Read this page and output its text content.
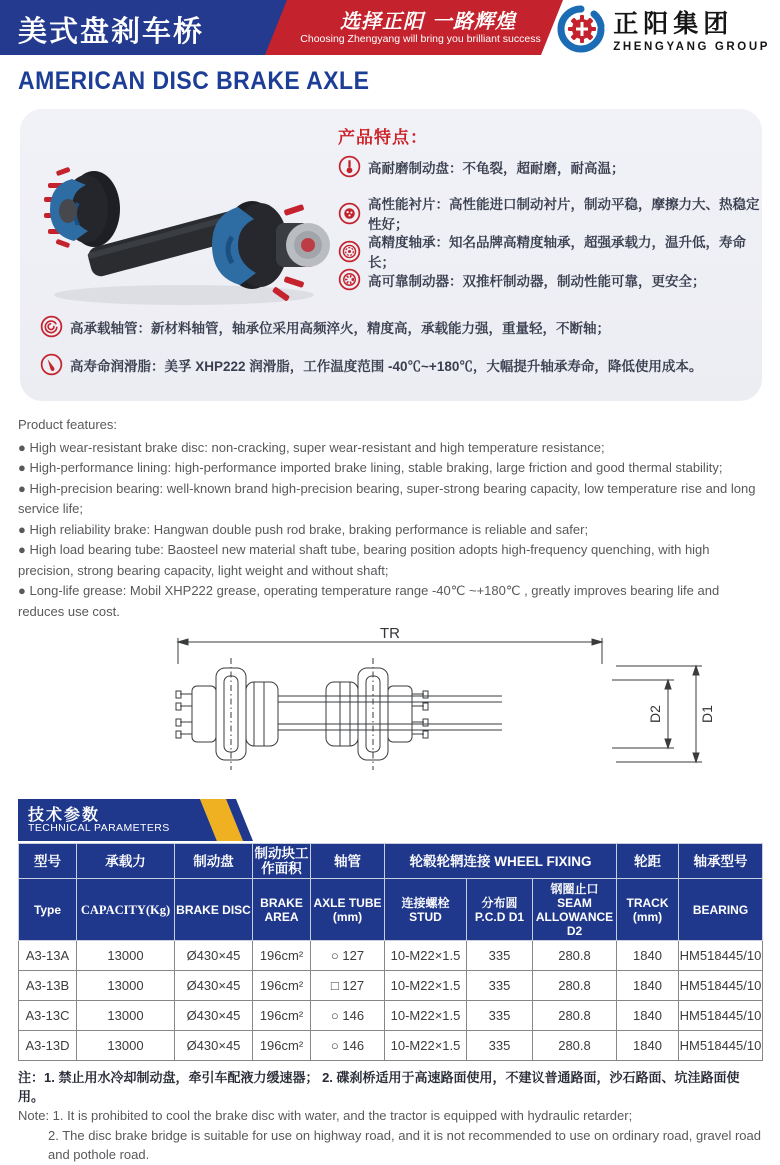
美式盘刹车桥	选择正阳 一路辉煌
Choosing Zhengyang will bring you brilliant success
正阳集团
ZHENGYANG GROUP
AMERICAN DISC BRAKE AXLE
产品特点：
高耐磨制动盘：不龟裂，超耐磨，耐高温；
高性能衬片：高性能进口制动衬片，制动平稳，摩擦力大、热稳定性好；
高精度轴承：知名品牌高精度轴承，超强承载力，温升低，寿命长；
高可靠制动器：双推杆制动器，制动性能可靠，更安全；
高承载轴管：新材料轴管，轴承位采用高频淬火，精度高，承载能力强，重量轻，不断轴；
高寿命润滑脂：美孚 XHP222 润滑脂，工作温度范围 -40℃~+180℃，大幅提升轴承寿命，降低使用成本。
Product features:
● High wear-resistant brake disc: non-cracking, super wear-resistant and high temperature resistance;
● High-performance lining: high-performance imported brake lining, stable braking, large friction and good thermal stability;
● High-precision bearing: well-known brand high-precision bearing, super-strong bearing capacity, low temperature rise and long service life;
● High reliability brake: Hangwan double push rod brake, braking performance is reliable and safer;
● High load bearing tube: Baosteel new material shaft tube, bearing position adopts high-frequency quenching, with high precision, strong bearing capacity, light weight and without shaft;
● Long-life grease: Mobil XHP222 grease, operating temperature range -40℃ ~+180℃ , greatly improves bearing life and reduces use cost.
TR
D2	D1
技术参数
TECHNICAL PARAMETERS
型号	承载力	制动盘	制动块工作面积	轴管	轮毂轮辋连接 WHEEL FIXING			轮距	轴承型号
Type	CAPACITY(Kg)	BRAKE DISC	BRAKE AREA	AXLE TUBE (mm)	连接螺栓 STUD	分布圆 P.C.D D1	钢圈止口 SEAM ALLOWANCE D2	TRACK (mm)	BEARING
A3-13A	13000	Ø430×45	196cm²	○ 127	10-M22×1.5	335	280.8	1840	HM518445/10
A3-13B	13000	Ø430×45	196cm²	□ 127	10-M22×1.5	335	280.8	1840	HM518445/10
A3-13C	13000	Ø430×45	196cm²	○ 146	10-M22×1.5	335	280.8	1840	HM518445/10
A3-13D	13000	Ø430×45	196cm²	○ 146	10-M22×1.5	335	280.8	1840	HM518445/10
注：1. 禁止用水冷却制动盘，牵引车配液力缓速器； 2. 碟刹桥适用于高速路面使用，不建议普通路面，沙石路面、坑洼路面使用。
Note: 1. It is prohibited to cool the brake disc with water, and the tractor is equipped with hydraulic retarder;
2. The disc brake bridge is suitable for use on highway road, and it is not recommended to use on ordinary road, gravel road and pothole road.
